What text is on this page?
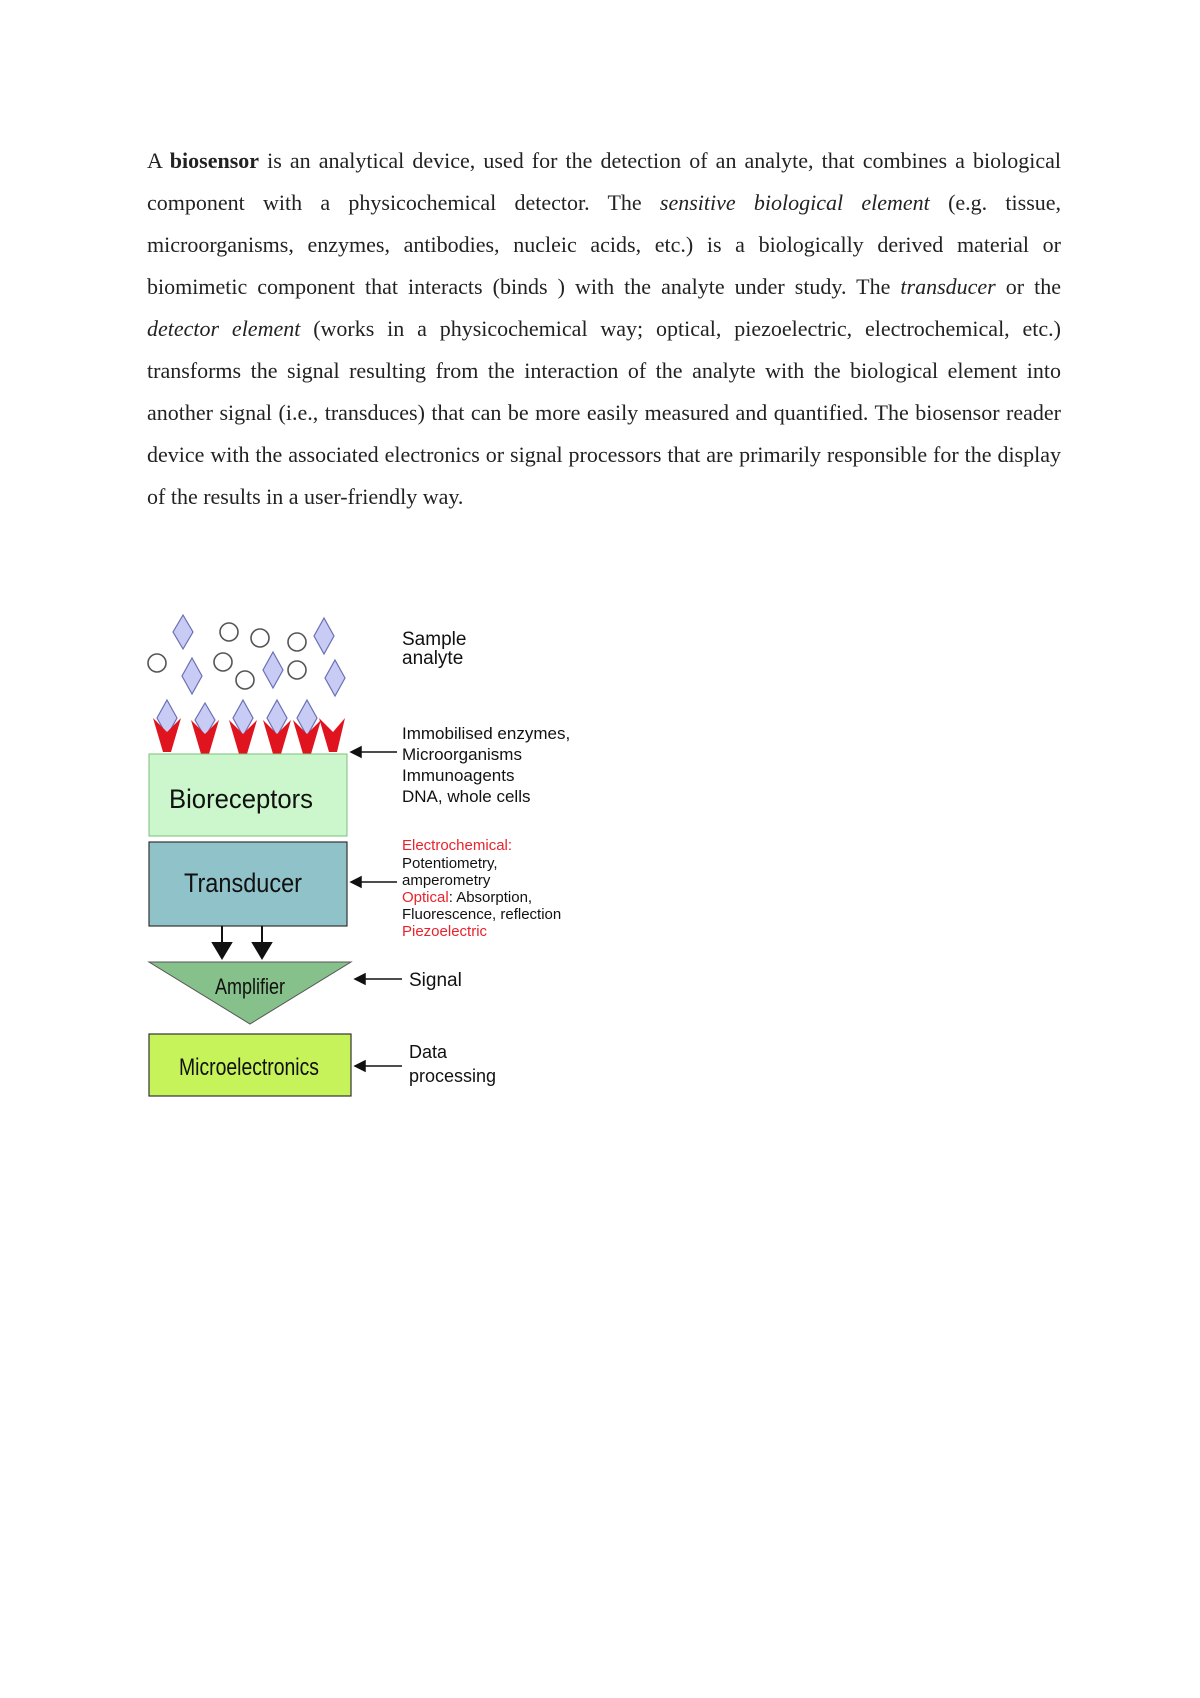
A biosensor is an analytical device, used for the detection of an analyte, that combines a biological component with a physicochemical detector. The sensitive biological element (e.g. tissue, microorganisms, enzymes, antibodies, nucleic acids, etc.) is a biologically derived material or biomimetic component that interacts (binds ) with the analyte under study. The transducer or the detector element (works in a physicochemical way; optical, piezoelectric, electrochemical, etc.) transforms the signal resulting from the interaction of the analyte with the biological element into another signal (i.e., transduces) that can be more easily measured and quantified. The biosensor reader device with the associated electronics or signal processors that are primarily responsible for the display of the results in a user-friendly way.

Bioreceptors
Transducer
Amplifier
Microelectronics
Sample
analyte
Immobilised enzymes,
Microorganisms
Immunoagents
DNA, whole cells
Electrochemical:
Potentiometry,
amperometry
Optical: Absorption,
Fluorescence, reflection
Piezoelectric
Signal
Data
processing
